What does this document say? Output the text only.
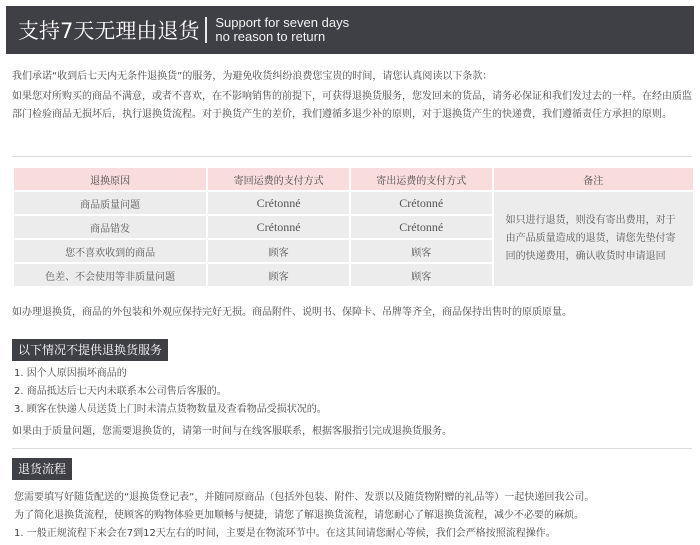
支持7天无理由退货 Support for seven days
no reason to return

我们承诺“收到后七天内无条件退换货”的服务，为避免收货纠纷浪费您宝贵的时间，请您认真阅读以下条款：

如果您对所购买的商品不满意，或者不喜欢，在不影响销售的前提下，可获得退换货服务，您发回来的货品，请务必保证和我们发过去的一样。在经由质监部门检验商品无损坏后，执行退换货流程。对于换货产生的差价，我们遵循多退少补的原则，对于退换货产生的快递费，我们遵循责任方承担的原则。

退换原因	寄回运费的支付方式	寄出运费的支付方式	备注
商品质量问题	Crétonné	Crétonné	如只进行退货，则没有寄出费用，对于由产品质量造成的退货，请您先垫付寄回的快递费用，确认收货时申请退回
商品错发	Crétonné	Crétonné	
您不喜欢收到的商品	顾客	顾客	
色差、不会使用等非质量问题	顾客	顾客	

如办理退换货，商品的外包装和外观应保持完好无损。商品附件、说明书、保障卡、吊牌等齐全，商品保持出售时的原质原量。

以下情况不提供退换货服务
1. 因个人原因损坏商品的
2. 商品抵达后七天内未联系本公司售后客服的。
3. 顾客在快递人员送货上门时未清点货物数量及查看物品受损状况的。

如果由于质量问题，您需要退换货的，请第一时间与在线客服联系，根据客服指引完成退换货服务。

退货流程
您需要填写好随货配送的“退换货登记表”，并随同原商品（包括外包装、附件、发票以及随货物附赠的礼品等）一起快递回我公司。
为了简化退换货流程，使顾客的购物体验更加顺畅与便捷，请您了解退换货流程，请您耐心了解退换货流程，减少不必要的麻烦。
1. 一般正规流程下来会在7到12天左右的时间，主要是在物流环节中。在这其间请您耐心等候，我们会严格按照流程操作。
